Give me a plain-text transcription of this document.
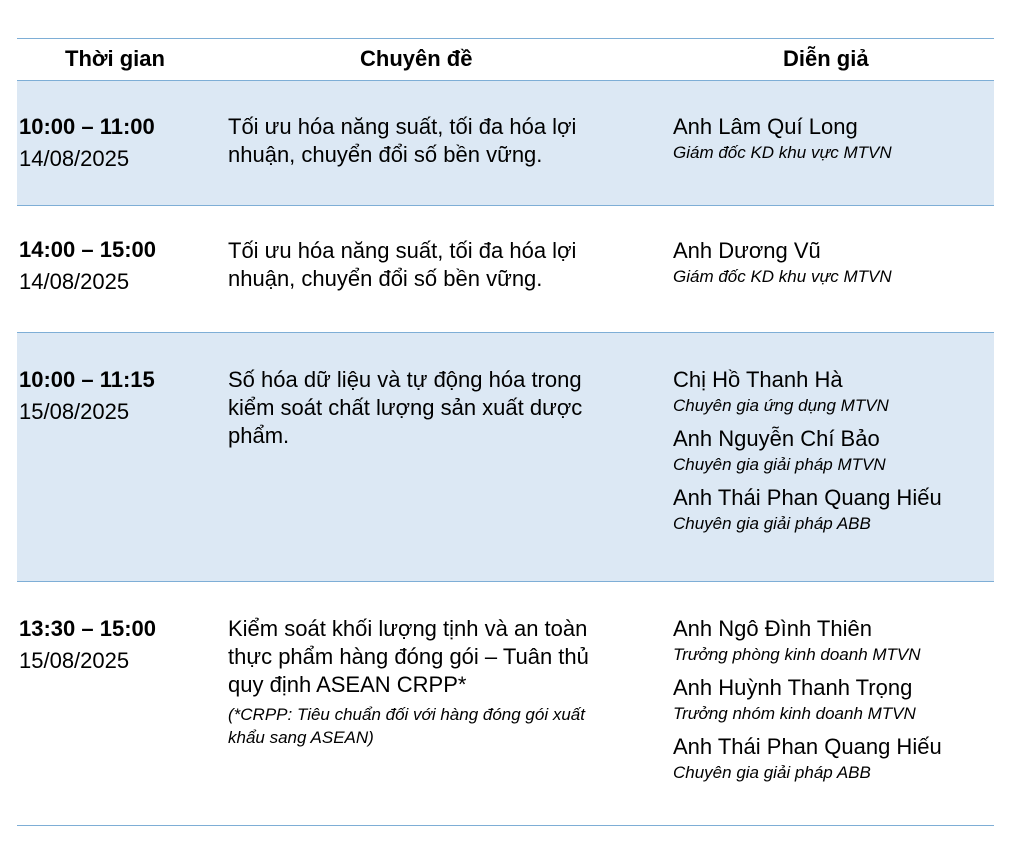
Thời gian	Chuyên đề	Diễn giả
10:00 – 11:00
14/08/2025
Tối ưu hóa năng suất, tối đa hóa lợi nhuận, chuyển đổi số bền vững.
Anh Lâm Quí Long
Giám đốc KD khu vực MTVN
14:00 – 15:00
14/08/2025
Tối ưu hóa năng suất, tối đa hóa lợi nhuận, chuyển đổi số bền vững.
Anh Dương Vũ
Giám đốc KD khu vực MTVN
10:00 – 11:15
15/08/2025
Số hóa dữ liệu và tự động hóa trong kiểm soát chất lượng sản xuất dược phẩm.
Chị Hồ Thanh Hà
Chuyên gia ứng dụng MTVN
Anh Nguyễn Chí Bảo
Chuyên gia giải pháp MTVN
Anh Thái Phan Quang Hiếu
Chuyên gia giải pháp ABB
13:30 – 15:00
15/08/2025
Kiểm soát khối lượng tịnh và an toàn thực phẩm hàng đóng gói – Tuân thủ quy định ASEAN CRPP*
(*CRPP: Tiêu chuẩn đối với hàng đóng gói xuất khẩu sang ASEAN)
Anh Ngô Đình Thiên
Trưởng phòng kinh doanh MTVN
Anh Huỳnh Thanh Trọng
Trưởng nhóm kinh doanh MTVN
Anh Thái Phan Quang Hiếu
Chuyên gia giải pháp ABB
